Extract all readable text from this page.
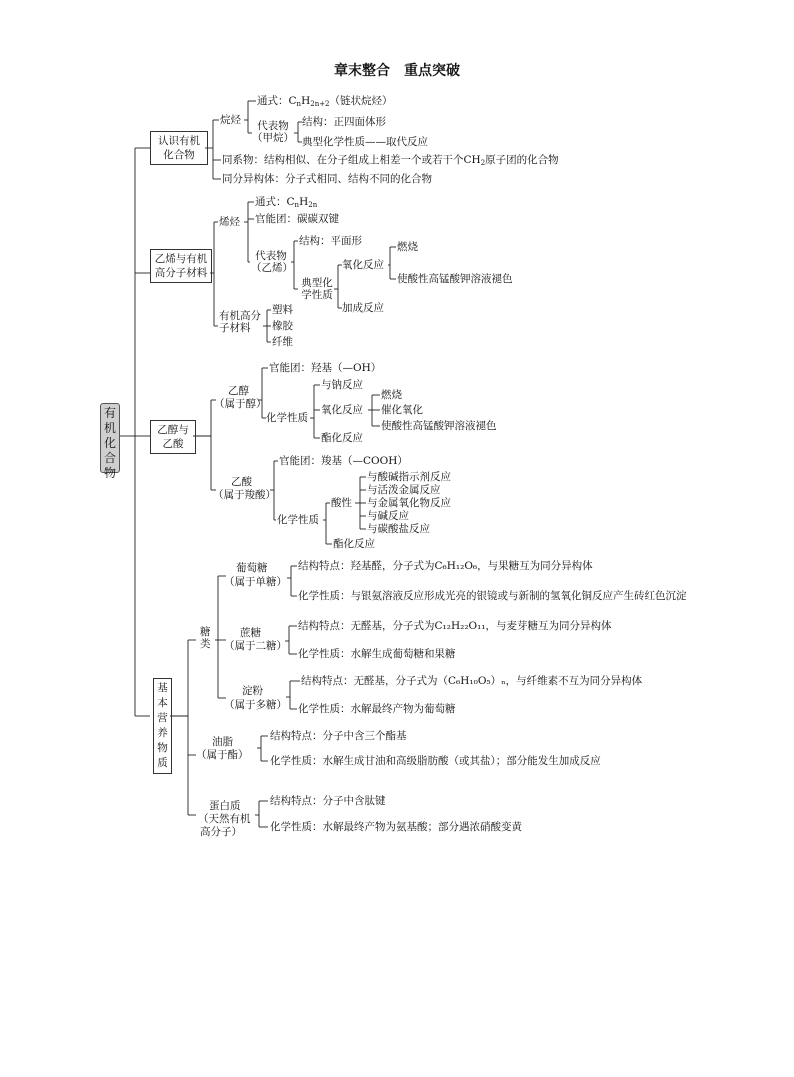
章末整合　重点突破
有机化合物
认识有机化合物
烷烃
通式：$C_nH_{2n+2}$（链状烷烃）
代表物（甲烷）
结构：正四面体形
典型化学性质——取代反应
同系物：结构相似、在分子组成上相差一个或若干个$CH_2$原子团的化合物
同分异构体：分子式相同、结构不同的化合物
乙烯与有机高分子材料
烯烃
通式：$C_nH_{2n}$
官能团：碳碳双键
代表物（乙烯）
结构：平面形
典型化学性质
氧化反应
燃烧
使酸性高锰酸钾溶液褪色
加成反应
有机高分子材料
塑料
橡胶
纤维
乙醇与乙酸
乙醇
（属于醇）
官能团：羟基（—OH）
化学性质
与钠反应
氧化反应
燃烧
催化氧化
使酸性高锰酸钾溶液褪色
酯化反应
乙酸
（属于羧酸）
官能团：羧基（—COOH）
化学性质
酸性
与酸碱指示剂反应
与活泼金属反应
与金属氧化物反应
与碱反应
与碳酸盐反应
酯化反应
基本营养物质
糖类
葡萄糖
（属于单糖）
结构特点：羟基醛，分子式为C₆H₁₂O₆，与果糖互为同分异构体
化学性质：与银氨溶液反应形成光亮的银镜或与新制的氢氧化铜反应产生砖红色沉淀
蔗糖
（属于二糖）
结构特点：无醛基，分子式为C₁₂H₂₂O₁₁，与麦芽糖互为同分异构体
化学性质：水解生成葡萄糖和果糖
淀粉
（属于多糖）
结构特点：无醛基，分子式为（C₆H₁₀O₅）ₙ，与纤维素不互为同分异构体
化学性质：水解最终产物为葡萄糖
油脂
（属于酯）
结构特点：分子中含三个酯基
化学性质：水解生成甘油和高级脂肪酸（或其盐）；部分能发生加成反应
蛋白质
（天然有机
高分子）
结构特点：分子中含肽键
化学性质：水解最终产物为氨基酸；部分遇浓硝酸变黄
